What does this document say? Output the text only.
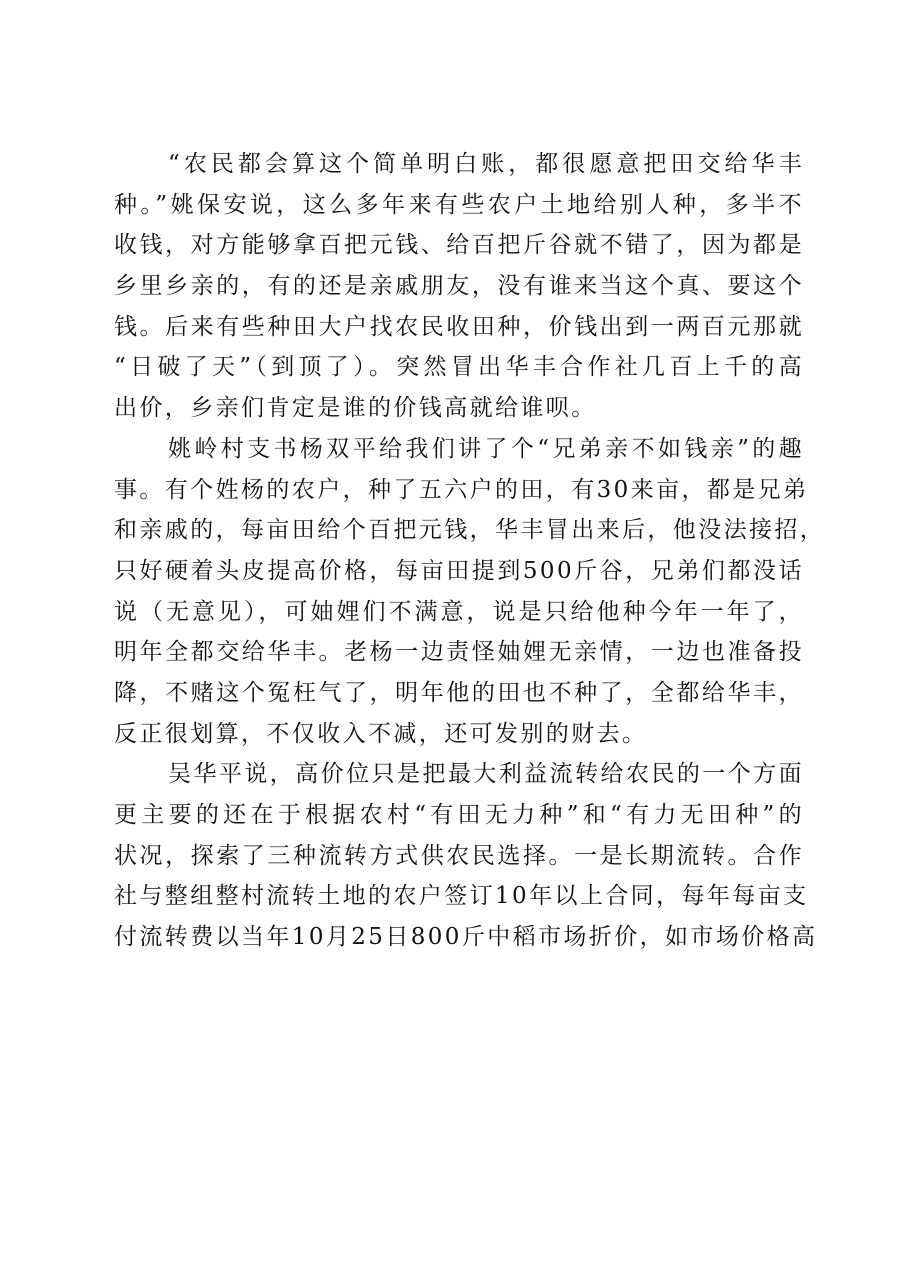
“农民都会算这个简单明白账，都很愿意把田交给华丰
种。”姚保安说，这么多年来有些农户土地给别人种，多半不
收钱，对方能够拿百把元钱、给百把斤谷就不错了，因为都是
乡里乡亲的，有的还是亲戚朋友，没有谁来当这个真、要这个
钱。后来有些种田大户找农民收田种，价钱出到一两百元那就
“日破了天”（到顶了）。突然冒出华丰合作社几百上千的高
出价，乡亲们肯定是谁的价钱高就给谁呗。
姚岭村支书杨双平给我们讲了个“兄弟亲不如钱亲”的趣
事。有个姓杨的农户，种了五六户的田，有30来亩，都是兄弟
和亲戚的，每亩田给个百把元钱，华丰冒出来后，他没法接招，
只好硬着头皮提高价格，每亩田提到500斤谷，兄弟们都没话
说（无意见），可妯娌们不满意，说是只给他种今年一年了，
明年全都交给华丰。老杨一边责怪妯娌无亲情，一边也准备投
降，不赌这个冤枉气了，明年他的田也不种了，全都给华丰，
反正很划算，不仅收入不减，还可发别的财去。
吴华平说，高价位只是把最大利益流转给农民的一个方面
更主要的还在于根据农村“有田无力种”和“有力无田种”的
状况，探索了三种流转方式供农民选择。一是长期流转。合作
社与整组整村流转土地的农户签订10年以上合同，每年每亩支
付流转费以当年10月25日800斤中稻市场折价，如市场价格高
